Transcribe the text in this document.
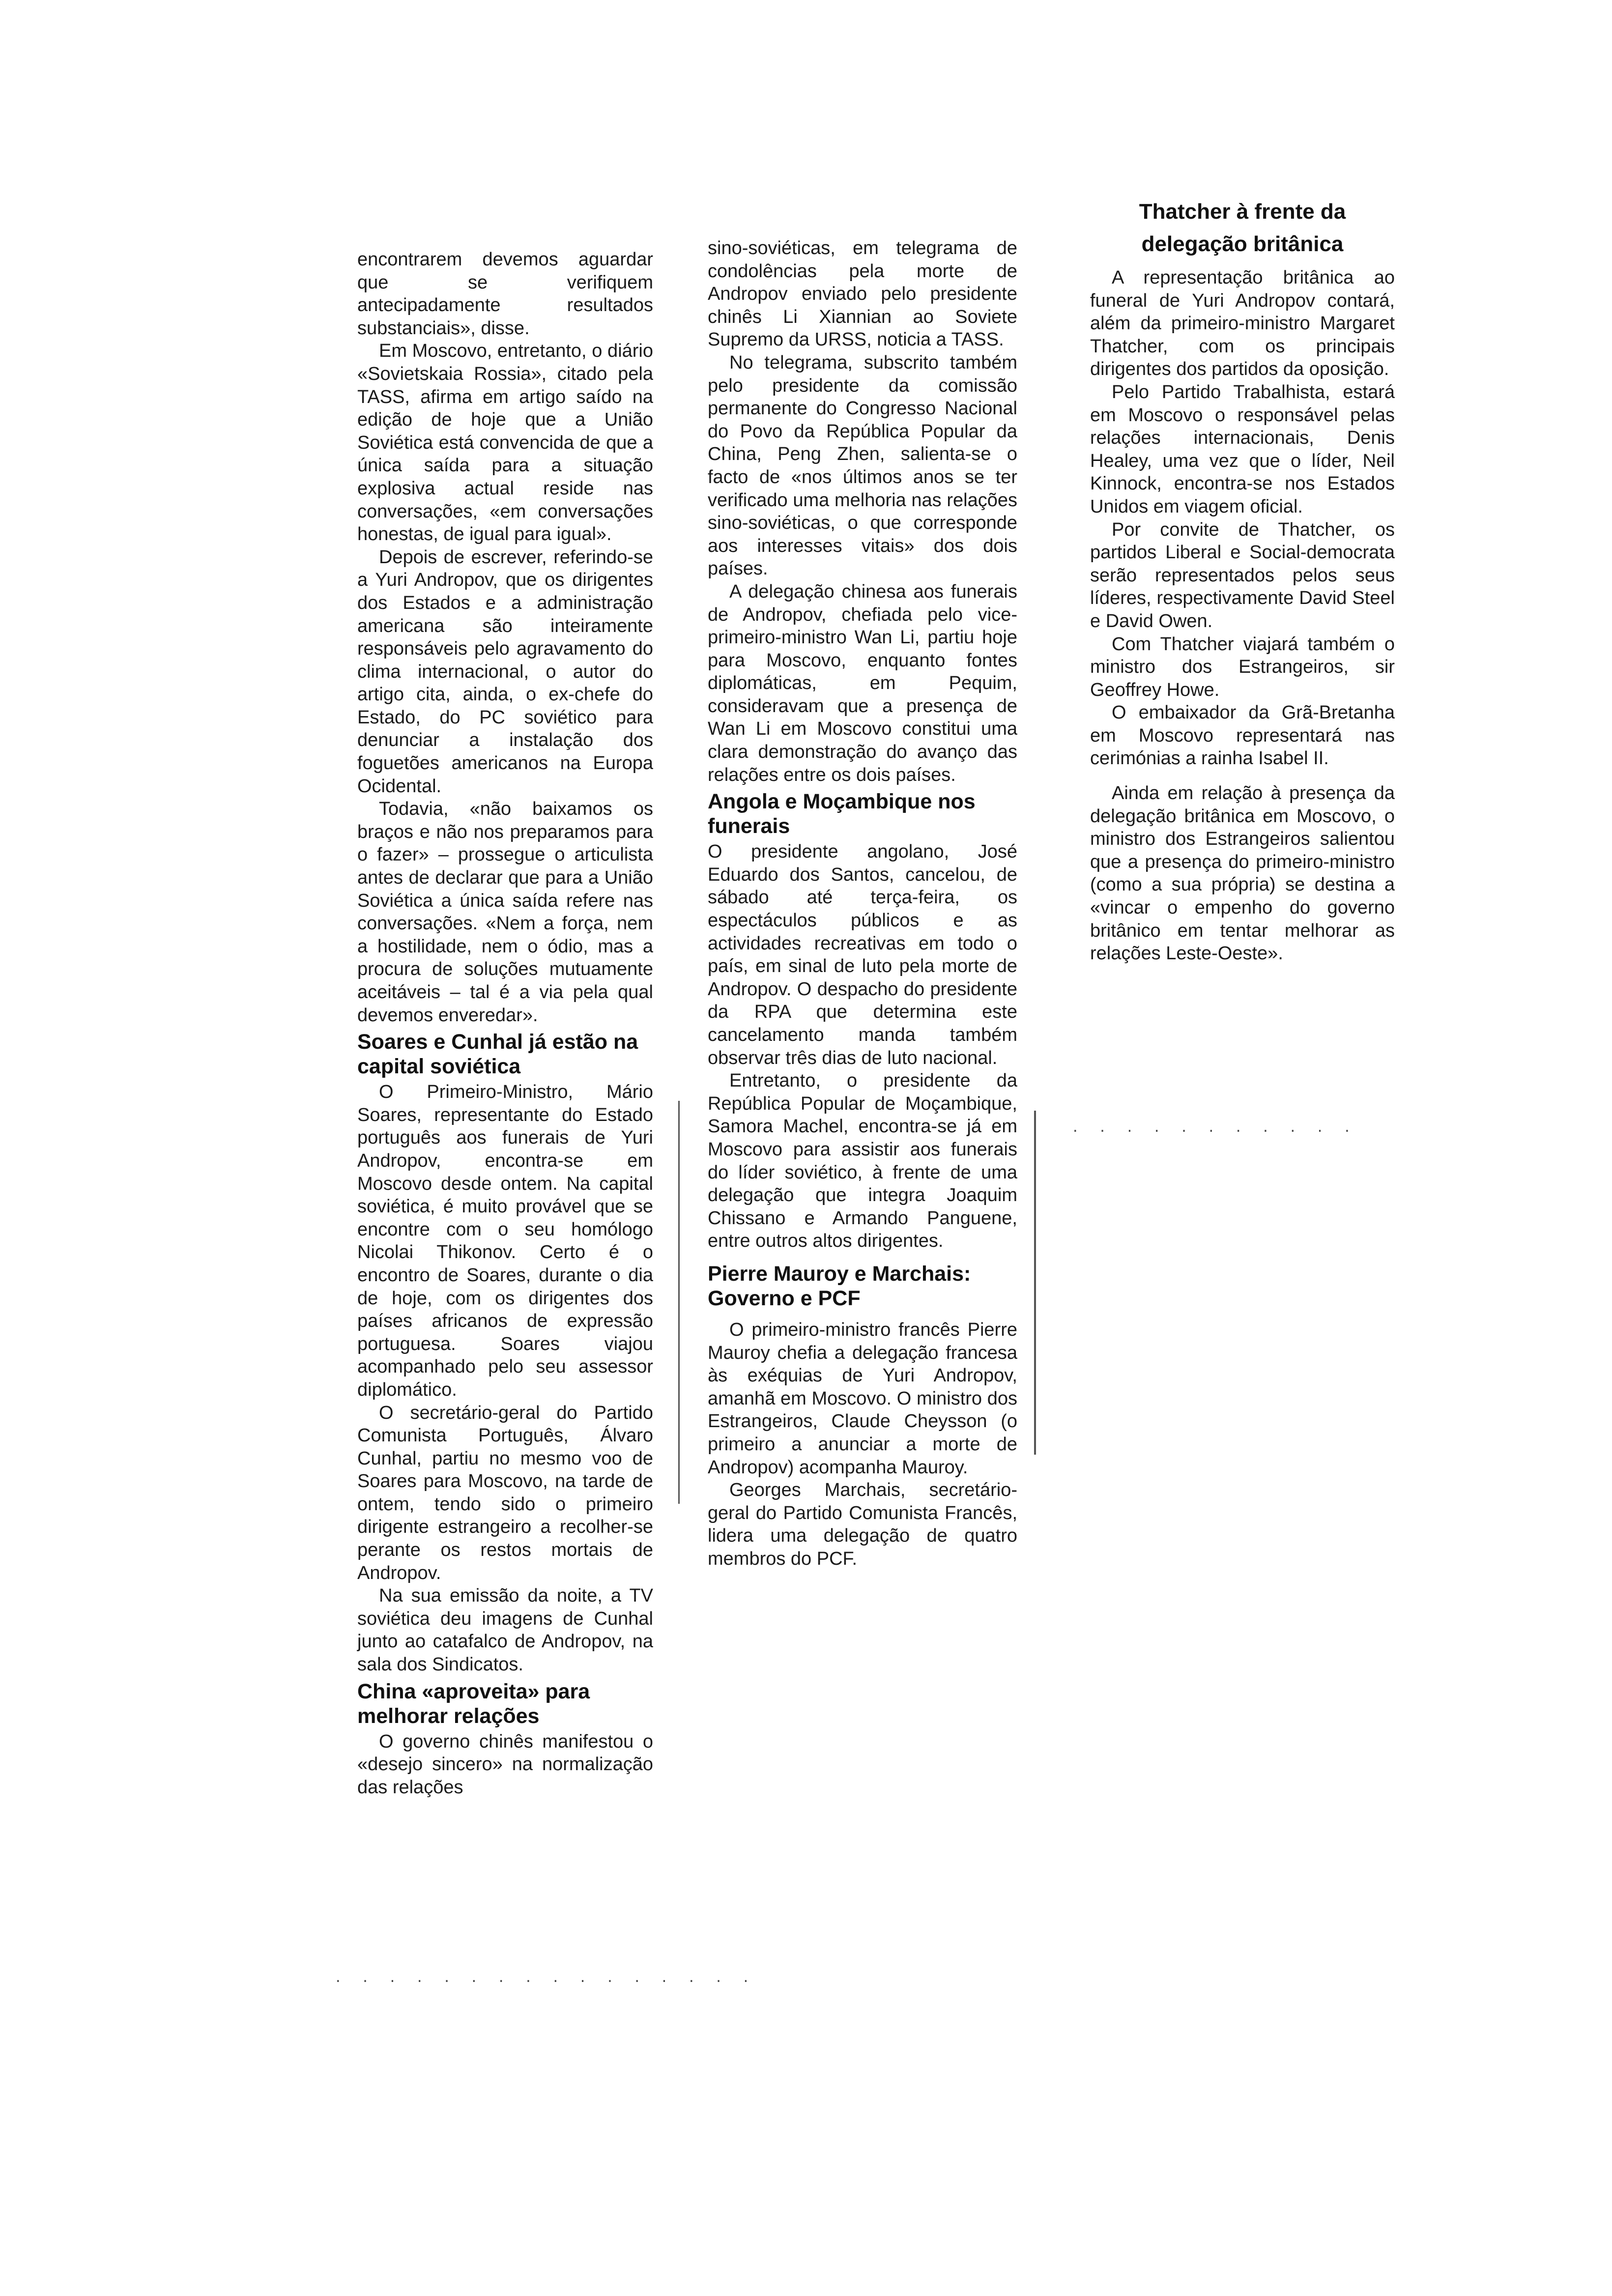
Thatcher à frente da
delegação britânica

encontrarem devemos aguardar que se verifiquem antecipadamente resultados substanciais», disse.

Em Moscovo, entretanto, o diário «Sovietskaia Rossia», citado pela TASS, afirma em artigo saído na edição de hoje que a União Soviética está convencida de que a única saída para a situação explosiva actual reside nas conversações, «em conversações honestas, de igual para igual».

Depois de escrever, referindo-se a Yuri Andropov, que os dirigentes dos Estados e a administração americana são inteiramente responsáveis pelo agravamento do clima internacional, o autor do artigo cita, ainda, o ex-chefe do Estado, do PC soviético para denunciar a instalação dos foguetões americanos na Europa Ocidental.

Todavia, «não baixamos os braços e não nos preparamos para o fazer» – prossegue o articulista antes de declarar que para a União Soviética a única saída refere nas conversações. «Nem a força, nem a hostilidade, nem o ódio, mas a procura de soluções mutuamente aceitáveis – tal é a via pela qual devemos enveredar».

Soares e Cunhal já estão na capital soviética

O Primeiro-Ministro, Mário Soares, representante do Estado português aos funerais de Yuri Andropov, encontra-se em Moscovo desde ontem. Na capital soviética, é muito provável que se encontre com o seu homólogo Nicolai Thikonov. Certo é o encontro de Soares, durante o dia de hoje, com os dirigentes dos países africanos de expressão portuguesa. Soares viajou acompanhado pelo seu assessor diplomático.

O secretário-geral do Partido Comunista Português, Álvaro Cunhal, partiu no mesmo voo de Soares para Moscovo, na tarde de ontem, tendo sido o primeiro dirigente estrangeiro a recolher-se perante os restos mortais de Andropov.

Na sua emissão da noite, a TV soviética deu imagens de Cunhal junto ao catafalco de Andropov, na sala dos Sindicatos.

China «aproveita» para melhorar relações

O governo chinês manifestou o «desejo sincero» na normalização das relações

sino-soviéticas, em telegrama de condolências pela morte de Andropov enviado pelo presidente chinês Li Xiannian ao Soviete Supremo da URSS, noticia a TASS.

No telegrama, subscrito também pelo presidente da comissão permanente do Congresso Nacional do Povo da República Popular da China, Peng Zhen, salienta-se o facto de «nos últimos anos se ter verificado uma melhoria nas relações sino-soviéticas, o que corresponde aos interesses vitais» dos dois países.

A delegação chinesa aos funerais de Andropov, chefiada pelo vice-primeiro-ministro Wan Li, partiu hoje para Moscovo, enquanto fontes diplomáticas, em Pequim, consideravam que a presença de Wan Li em Moscovo constitui uma clara demonstração do avanço das relações entre os dois países.

Angola e Moçambique nos funerais

O presidente angolano, José Eduardo dos Santos, cancelou, de sábado até terça-feira, os espectáculos públicos e as actividades recreativas em todo o país, em sinal de luto pela morte de Andropov. O despacho do presidente da RPA que determina este cancelamento manda também observar três dias de luto nacional.

Entretanto, o presidente da República Popular de Moçambique, Samora Machel, encontra-se já em Moscovo para assistir aos funerais do líder soviético, à frente de uma delegação que integra Joaquim Chissano e Armando Panguene, entre outros altos dirigentes.

Pierre Mauroy e Marchais: Governo e PCF

O primeiro-ministro francês Pierre Mauroy chefia a delegação francesa às exéquias de Yuri Andropov, amanhã em Moscovo. O ministro dos Estrangeiros, Claude Cheysson (o primeiro a anunciar a morte de Andropov) acompanha Mauroy.

Georges Marchais, secretário-geral do Partido Comunista Francês, lidera uma delegação de quatro membros do PCF.

A representação britânica ao funeral de Yuri Andropov contará, além da primeiro-ministro Margaret Thatcher, com os principais dirigentes dos partidos da oposição.

Pelo Partido Trabalhista, estará em Moscovo o responsável pelas relações internacionais, Denis Healey, uma vez que o líder, Neil Kinnock, encontra-se nos Estados Unidos em viagem oficial.

Por convite de Thatcher, os partidos Liberal e Social-democrata serão representados pelos seus líderes, respectivamente David Steel e David Owen.

Com Thatcher viajará também o ministro dos Estrangeiros, sir Geoffrey Howe.

O embaixador da Grã-Bretanha em Moscovo representará nas cerimónias a rainha Isabel II.

Ainda em relação à presença da delegação britânica em Moscovo, o ministro dos Estrangeiros salientou que a presença do primeiro-ministro (como a sua própria) se destina a «vincar o empenho do governo britânico em tentar melhorar as relações Leste-Oeste».

. . . . . . . . . . . . . . . .
. . . . . . . . . . .
